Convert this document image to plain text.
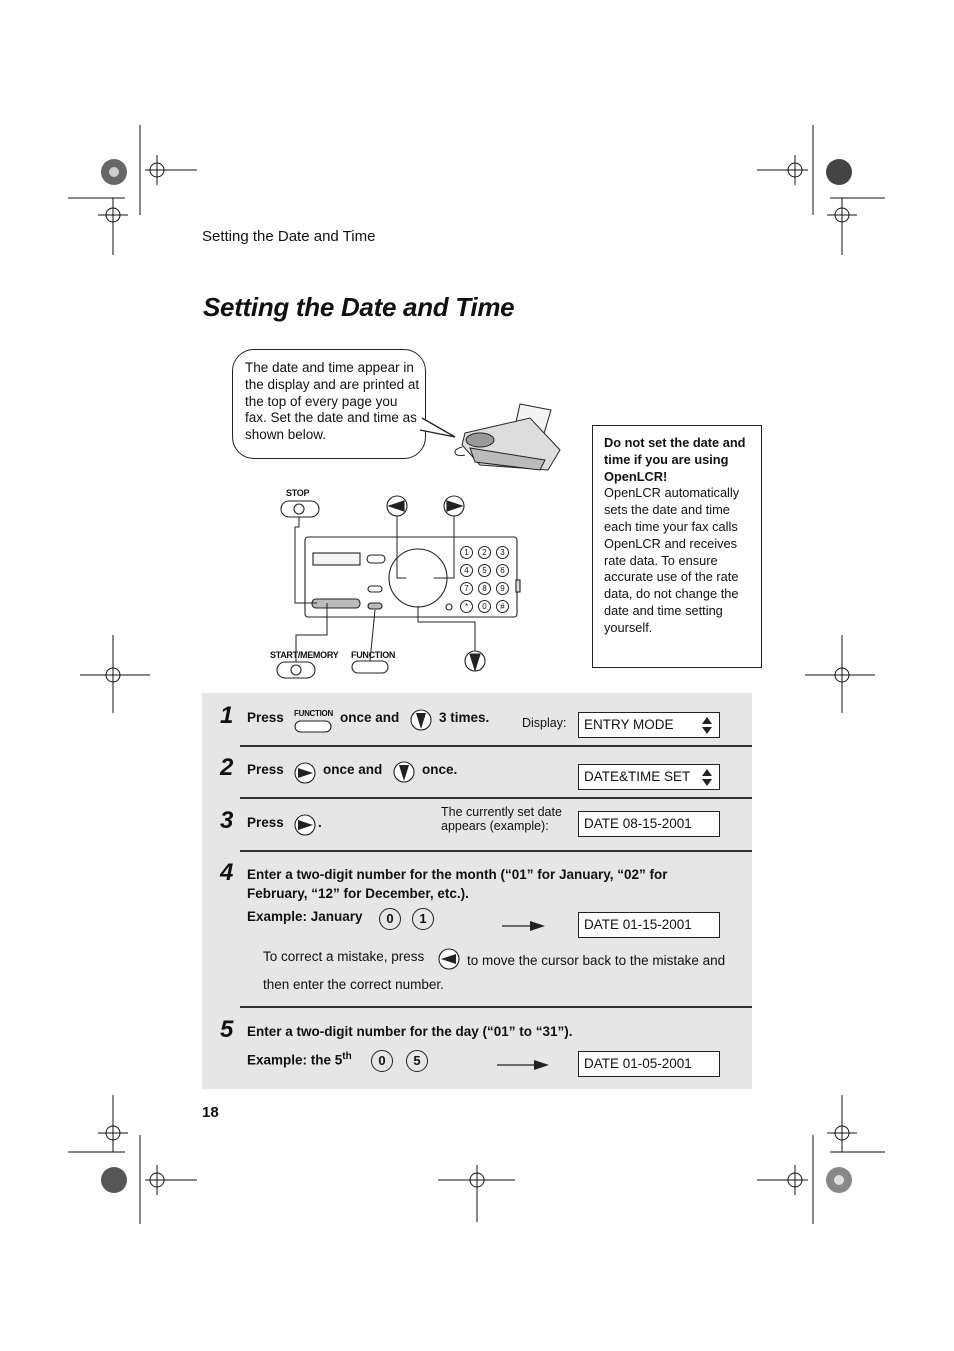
Setting the Date and Time
Setting the Date and Time
The date and time appear in the display and are printed at the top of every page you fax. Set the date and time as shown below.
Do not set the date and time if you are using OpenLCR!
OpenLCR automatically sets the date and time each time your fax calls OpenLCR and receives rate data. To ensure accurate use of the rate data, do not change the date and time setting yourself.
STOP
START/MEMORY FUNCTION
1	2	3
4	5	6
7	8	9
*	0	#
1 Press FUNCTION once and	3 times.	Display:	ENTRY MODE
2 Press	once and	once.	DATE&TIME SET
3 Press	.
The currently set date appears (example):	DATE 08-15-2001
4 Enter a two-digit number for the month (“01” for January, “02” for February, “12” for December, etc.).
Example: January	0	1	DATE 01-15-2001
To correct a mistake, press	to move the cursor back to the mistake and then enter the correct number.
5 Enter a two-digit number for the day (“01” to “31”).
Example: the 5th	0	5	DATE 01-05-2001
18
